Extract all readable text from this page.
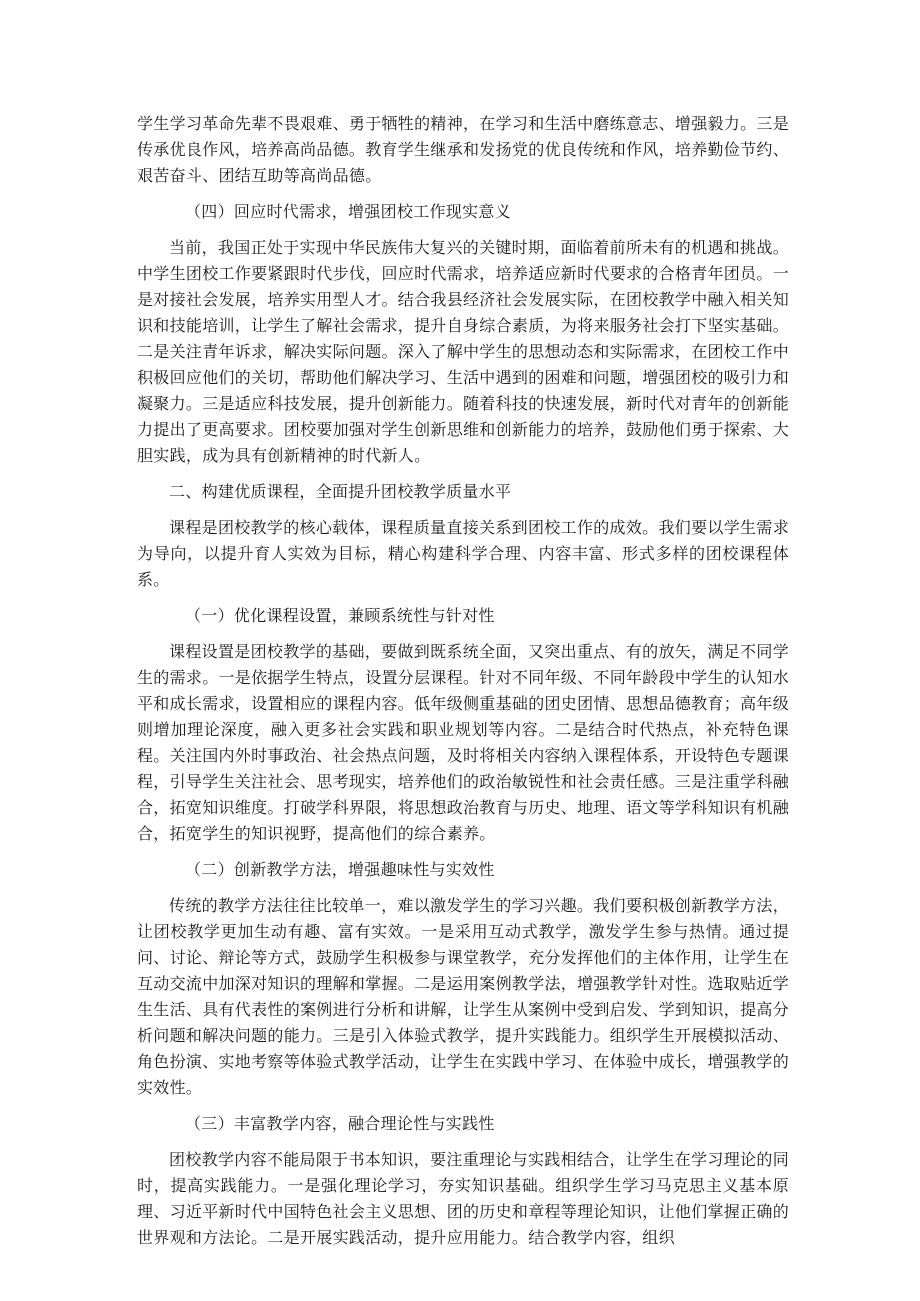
学生学习革命先辈不畏艰难、勇于牺牲的精神，在学习和生活中磨练意志、增强毅力。三是传承优良作风，培养高尚品德。教育学生继承和发扬党的优良传统和作风，培养勤俭节约、艰苦奋斗、团结互助等高尚品德。

（四）回应时代需求，增强团校工作现实意义

当前，我国正处于实现中华民族伟大复兴的关键时期，面临着前所未有的机遇和挑战。中学生团校工作要紧跟时代步伐，回应时代需求，培养适应新时代要求的合格青年团员。一是对接社会发展，培养实用型人才。结合我县经济社会发展实际，在团校教学中融入相关知识和技能培训，让学生了解社会需求，提升自身综合素质，为将来服务社会打下坚实基础。二是关注青年诉求，解决实际问题。深入了解中学生的思想动态和实际需求，在团校工作中积极回应他们的关切，帮助他们解决学习、生活中遇到的困难和问题，增强团校的吸引力和凝聚力。三是适应科技发展，提升创新能力。随着科技的快速发展，新时代对青年的创新能力提出了更高要求。团校要加强对学生创新思维和创新能力的培养，鼓励他们勇于探索、大胆实践，成为具有创新精神的时代新人。

二、构建优质课程，全面提升团校教学质量水平

课程是团校教学的核心载体，课程质量直接关系到团校工作的成效。我们要以学生需求为导向，以提升育人实效为目标，精心构建科学合理、内容丰富、形式多样的团校课程体系。

（一）优化课程设置，兼顾系统性与针对性

课程设置是团校教学的基础，要做到既系统全面，又突出重点、有的放矢，满足不同学生的需求。一是依据学生特点，设置分层课程。针对不同年级、不同年龄段中学生的认知水平和成长需求，设置相应的课程内容。低年级侧重基础的团史团情、思想品德教育；高年级则增加理论深度，融入更多社会实践和职业规划等内容。二是结合时代热点，补充特色课程。关注国内外时事政治、社会热点问题，及时将相关内容纳入课程体系，开设特色专题课程，引导学生关注社会、思考现实，培养他们的政治敏锐性和社会责任感。三是注重学科融合，拓宽知识维度。打破学科界限，将思想政治教育与历史、地理、语文等学科知识有机融合，拓宽学生的知识视野，提高他们的综合素养。

（二）创新教学方法，增强趣味性与实效性

传统的教学方法往往比较单一，难以激发学生的学习兴趣。我们要积极创新教学方法，让团校教学更加生动有趣、富有实效。一是采用互动式教学，激发学生参与热情。通过提问、讨论、辩论等方式，鼓励学生积极参与课堂教学，充分发挥他们的主体作用，让学生在互动交流中加深对知识的理解和掌握。二是运用案例教学法，增强教学针对性。选取贴近学生生活、具有代表性的案例进行分析和讲解，让学生从案例中受到启发、学到知识，提高分析问题和解决问题的能力。三是引入体验式教学，提升实践能力。组织学生开展模拟活动、角色扮演、实地考察等体验式教学活动，让学生在实践中学习、在体验中成长，增强教学的实效性。

（三）丰富教学内容，融合理论性与实践性

团校教学内容不能局限于书本知识，要注重理论与实践相结合，让学生在学习理论的同时，提高实践能力。一是强化理论学习，夯实知识基础。组织学生学习马克思主义基本原理、习近平新时代中国特色社会主义思想、团的历史和章程等理论知识，让他们掌握正确的世界观和方法论。二是开展实践活动，提升应用能力。结合教学内容，组织
